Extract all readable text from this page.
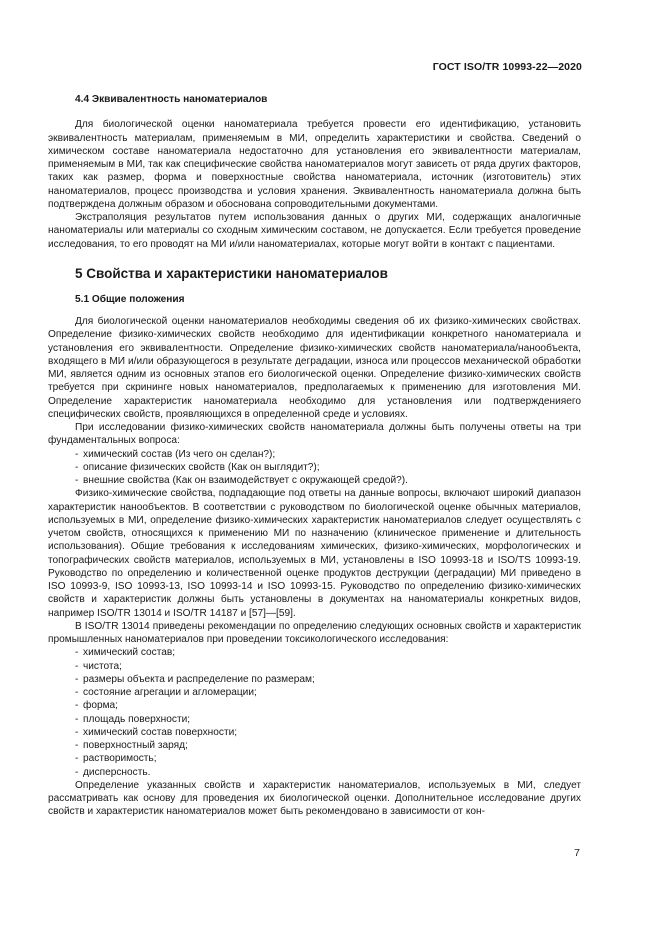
ГОСТ ISO/TR 10993-22—2020
4.4 Эквивалентность наноматериалов

Для биологической оценки наноматериала требуется провести его идентификацию, установить эквивалентность материалам, применяемым в МИ, определить характеристики и свойства. Сведений о химическом составе наноматериала недостаточно для установления его эквивалентности материалам, применяемым в МИ, так как специфические свойства наноматериалов могут зависеть от ряда других факторов, таких как размер, форма и поверхностные свойства наноматериала, источник (изготовитель) этих наноматериалов, процесс производства и условия хранения. Эквивалентность наноматериала должна быть подтверждена должным образом и обоснована сопроводительными документами.

Экстраполяция результатов путем использования данных о других МИ, содержащих аналогичные наноматериалы или материалы со сходным химическим составом, не допускается. Если требуется проведение исследования, то его проводят на МИ и/или наноматериалах, которые могут войти в контакт с пациентами.

5 Свойства и характеристики наноматериалов
5.1 Общие положения

Для биологической оценки наноматериалов необходимы сведения об их физико-химических свойствах. Определение физико-химических свойств необходимо для идентификации конкретного наноматериала и установления его эквивалентности. Определение физико-химических свойств наноматериала/нанообъекта, входящего в МИ и/или образующегося в результате деградации, износа или процессов механической обработки МИ, является одним из основных этапов его биологической оценки. Определение физико-химических свойств требуется при скрининге новых наноматериалов, предполагаемых к применению для изготовления МИ. Определение характеристик наноматериала необходимо для установления или подтвержденияего специфических свойств, проявляющихся в определенной среде и условиях.

При исследовании физико-химических свойств наноматериала должны быть получены ответы на три фундаментальных вопроса:

- химический состав (Из чего он сделан?);
- описание физических свойств (Как он выглядит?);
- внешние свойства (Как он взаимодействует с окружающей средой?).

Физико-химические свойства, подпадающие под ответы на данные вопросы, включают широкий диапазон характеристик нанообъектов. В соответствии с руководством по биологической оценке обычных материалов, используемых в МИ, определение физико-химических характеристик наноматериалов следует осуществлять с учетом свойств, относящихся к применению МИ по назначению (клиническое применение и длительность использования). Общие требования к исследованиям химических, физико-химических, морфологических и топографических свойств материалов, используемых в МИ, установлены в ISO 10993-18 и ISO/TS 10993-19. Руководство по определению и количественной оценке продуктов деструкции (деградации) МИ приведено в ISO 10993-9, ISO 10993-13, ISO 10993-14 и ISO 10993-15. Руководство по определению физико-химических свойств и характеристик должны быть установлены в документах на наноматериалы конкретных видов, например ISO/TR 13014 и ISO/TR 14187 и [57]—[59].

В ISO/TR 13014 приведены рекомендации по определению следующих основных свойств и характеристик промышленных наноматериалов при проведении токсикологического исследования:

- химический состав;
- чистота;
- размеры объекта и распределение по размерам;
- состояние агрегации и агломерации;
- форма;
- площадь поверхности;
- химический состав поверхности;
- поверхностный заряд;
- растворимость;
- дисперсность.

Определение указанных свойств и характеристик наноматериалов, используемых в МИ, следует рассматривать как основу для проведения их биологической оценки. Дополнительное исследование других свойств и характеристик наноматериалов может быть рекомендовано в зависимости от кон-

7
